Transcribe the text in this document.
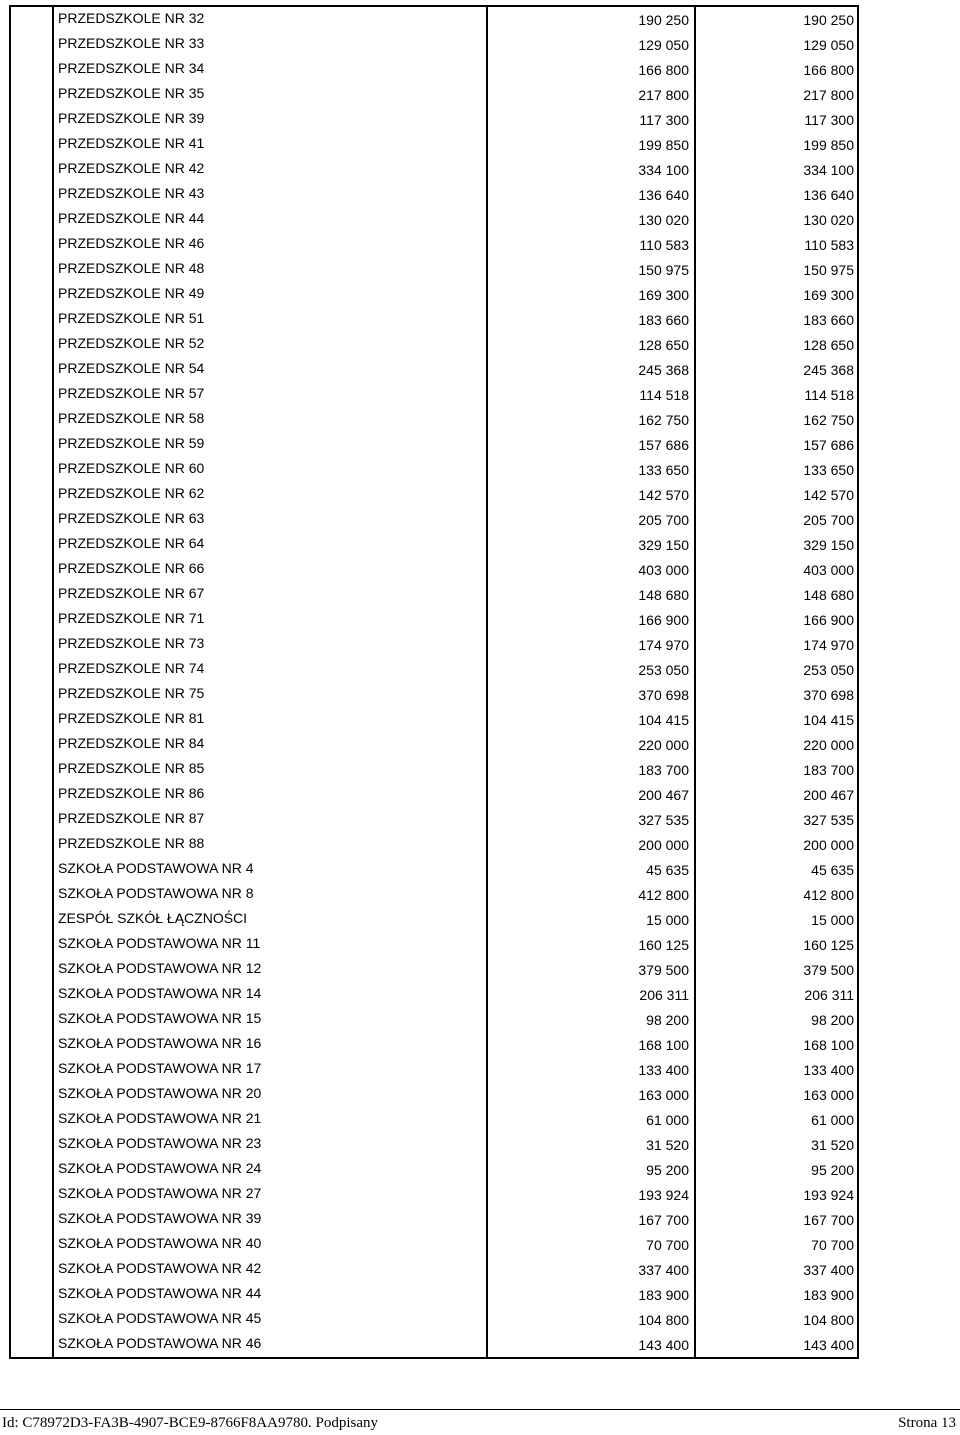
PRZEDSZKOLE NR 32	190 250	190 250
PRZEDSZKOLE NR 33	129 050	129 050
PRZEDSZKOLE NR 34	166 800	166 800
PRZEDSZKOLE NR 35	217 800	217 800
PRZEDSZKOLE NR 39	117 300	117 300
PRZEDSZKOLE NR 41	199 850	199 850
PRZEDSZKOLE NR 42	334 100	334 100
PRZEDSZKOLE NR 43	136 640	136 640
PRZEDSZKOLE NR 44	130 020	130 020
PRZEDSZKOLE NR 46	110 583	110 583
PRZEDSZKOLE NR 48	150 975	150 975
PRZEDSZKOLE NR 49	169 300	169 300
PRZEDSZKOLE NR 51	183 660	183 660
PRZEDSZKOLE NR 52	128 650	128 650
PRZEDSZKOLE NR 54	245 368	245 368
PRZEDSZKOLE NR 57	114 518	114 518
PRZEDSZKOLE NR 58	162 750	162 750
PRZEDSZKOLE NR 59	157 686	157 686
PRZEDSZKOLE NR 60	133 650	133 650
PRZEDSZKOLE NR 62	142 570	142 570
PRZEDSZKOLE NR 63	205 700	205 700
PRZEDSZKOLE NR 64	329 150	329 150
PRZEDSZKOLE NR 66	403 000	403 000
PRZEDSZKOLE NR 67	148 680	148 680
PRZEDSZKOLE NR 71	166 900	166 900
PRZEDSZKOLE NR 73	174 970	174 970
PRZEDSZKOLE NR 74	253 050	253 050
PRZEDSZKOLE NR 75	370 698	370 698
PRZEDSZKOLE NR 81	104 415	104 415
PRZEDSZKOLE NR 84	220 000	220 000
PRZEDSZKOLE NR 85	183 700	183 700
PRZEDSZKOLE NR 86	200 467	200 467
PRZEDSZKOLE NR 87	327 535	327 535
PRZEDSZKOLE NR 88	200 000	200 000
SZKOŁA PODSTAWOWA NR 4	45 635	45 635
SZKOŁA PODSTAWOWA NR 8	412 800	412 800
ZESPÓŁ SZKÓŁ ŁĄCZNOŚCI	15 000	15 000
SZKOŁA PODSTAWOWA NR 11	160 125	160 125
SZKOŁA PODSTAWOWA NR 12	379 500	379 500
SZKOŁA PODSTAWOWA NR 14	206 311	206 311
SZKOŁA PODSTAWOWA NR 15	98 200	98 200
SZKOŁA PODSTAWOWA NR 16	168 100	168 100
SZKOŁA PODSTAWOWA NR 17	133 400	133 400
SZKOŁA PODSTAWOWA NR 20	163 000	163 000
SZKOŁA PODSTAWOWA NR 21	61 000	61 000
SZKOŁA PODSTAWOWA NR 23	31 520	31 520
SZKOŁA PODSTAWOWA NR 24	95 200	95 200
SZKOŁA PODSTAWOWA NR 27	193 924	193 924
SZKOŁA PODSTAWOWA NR 39	167 700	167 700
SZKOŁA PODSTAWOWA NR 40	70 700	70 700
SZKOŁA PODSTAWOWA NR 42	337 400	337 400
SZKOŁA PODSTAWOWA NR 44	183 900	183 900
SZKOŁA PODSTAWOWA NR 45	104 800	104 800
SZKOŁA PODSTAWOWA NR 46	143 400	143 400
Id: C78972D3-FA3B-4907-BCE9-8766F8AA9780. Podpisany	Strona 13
